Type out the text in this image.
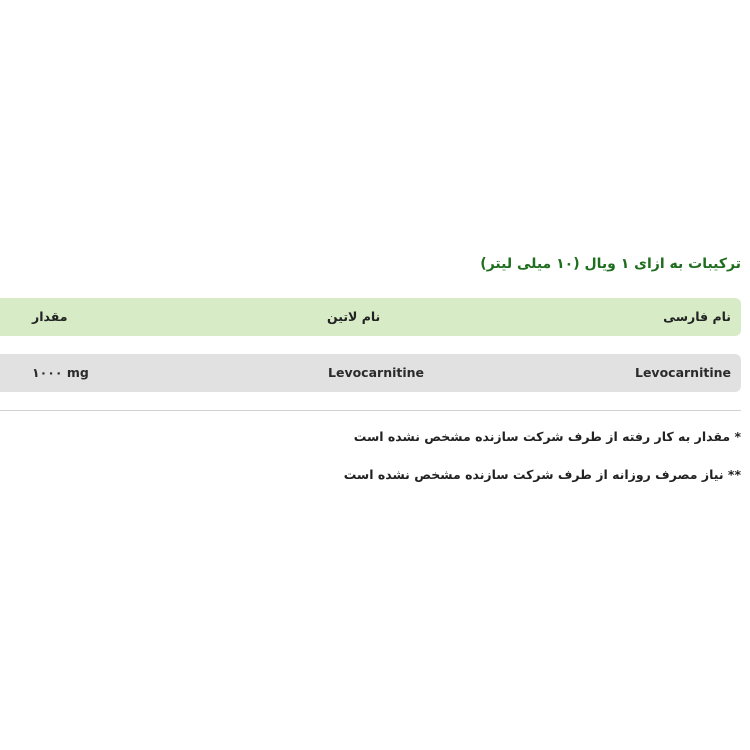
ترکیبات به ازای ۱ ویال (۱۰ میلی لیتر)
نام فارسی
نام لاتین
مقدار
Levocarnitine
Levocarnitine
۱۰۰۰ mg

* مقدار به کار رفته از طرف شرکت سازنده مشخص نشده است

** نیاز مصرف روزانه از طرف شرکت سازنده مشخص نشده است
